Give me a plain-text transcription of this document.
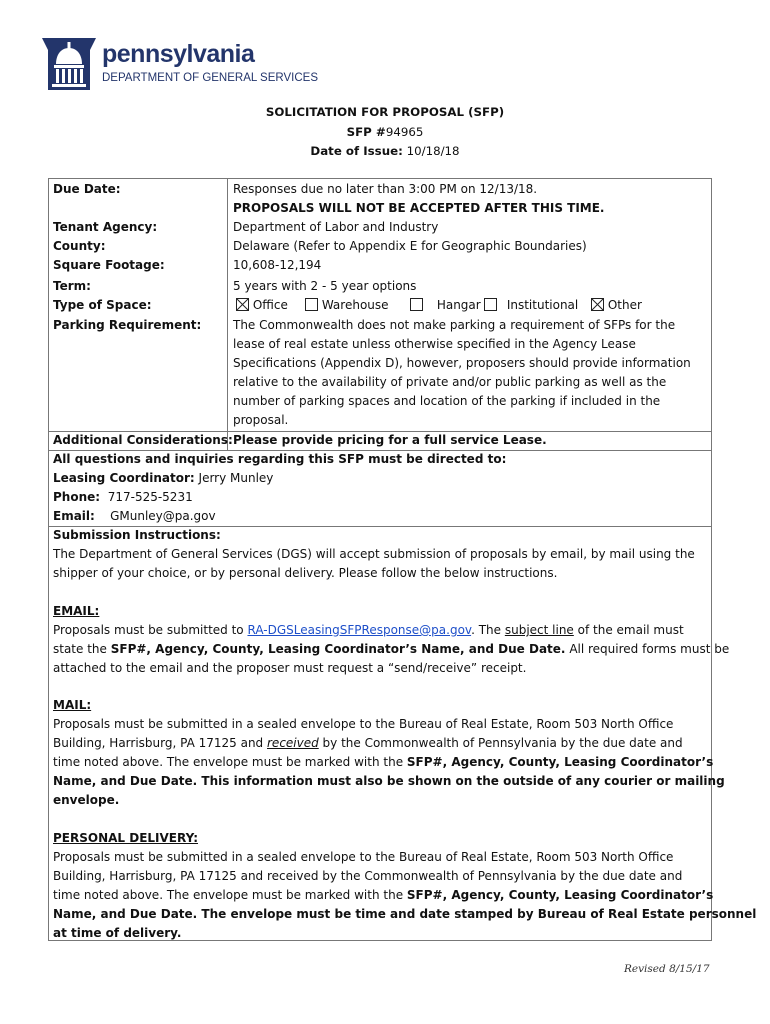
pennsylvania
DEPARTMENT OF GENERAL SERVICES
SOLICITATION FOR PROPOSAL (SFP)
SFP #94965
Date of Issue: 10/18/18
Due Date:	Responses due no later than 3:00 PM on 12/13/18.
PROPOSALS WILL NOT BE ACCEPTED AFTER THIS TIME.
Tenant Agency:	Department of Labor and Industry
County:	Delaware (Refer to Appendix E for Geographic Boundaries)
Square Footage:	10,608-12,194
Term:	5 years with 2 - 5 year options
Type of Space:	Office	Warehouse	Hangar	Institutional	Other
Parking Requirement:	The Commonwealth does not make parking a requirement of SFPs for the
lease of real estate unless otherwise specified in the Agency Lease
Specifications (Appendix D), however, proposers should provide information
relative to the availability of private and/or public parking as well as the
number of parking spaces and location of the parking if included in the
proposal.
Additional Considerations: Please provide pricing for a full service Lease.
All questions and inquiries regarding this SFP must be directed to:
Leasing Coordinator: Jerry Munley
Phone: 717-525-5231
Email: GMunley@pa.gov
Submission Instructions:
The Department of General Services (DGS) will accept submission of proposals by email, by mail using the
shipper of your choice, or by personal delivery. Please follow the below instructions.
EMAIL:
Proposals must be submitted to RA-DGSLeasingSFPResponse@pa.gov. The subject line of the email must
state the SFP#, Agency, County, Leasing Coordinator’s Name, and Due Date. All required forms must be
attached to the email and the proposer must request a “send/receive” receipt.
MAIL:
Proposals must be submitted in a sealed envelope to the Bureau of Real Estate, Room 503 North Office
Building, Harrisburg, PA 17125 and received by the Commonwealth of Pennsylvania by the due date and
time noted above. The envelope must be marked with the SFP#, Agency, County, Leasing Coordinator’s
Name, and Due Date. This information must also be shown on the outside of any courier or mailing
envelope.
PERSONAL DELIVERY:
Proposals must be submitted in a sealed envelope to the Bureau of Real Estate, Room 503 North Office
Building, Harrisburg, PA 17125 and received by the Commonwealth of Pennsylvania by the due date and
time noted above. The envelope must be marked with the SFP#, Agency, County, Leasing Coordinator’s
Name, and Due Date. The envelope must be time and date stamped by Bureau of Real Estate personnel
at time of delivery.
Revised 8/15/17
